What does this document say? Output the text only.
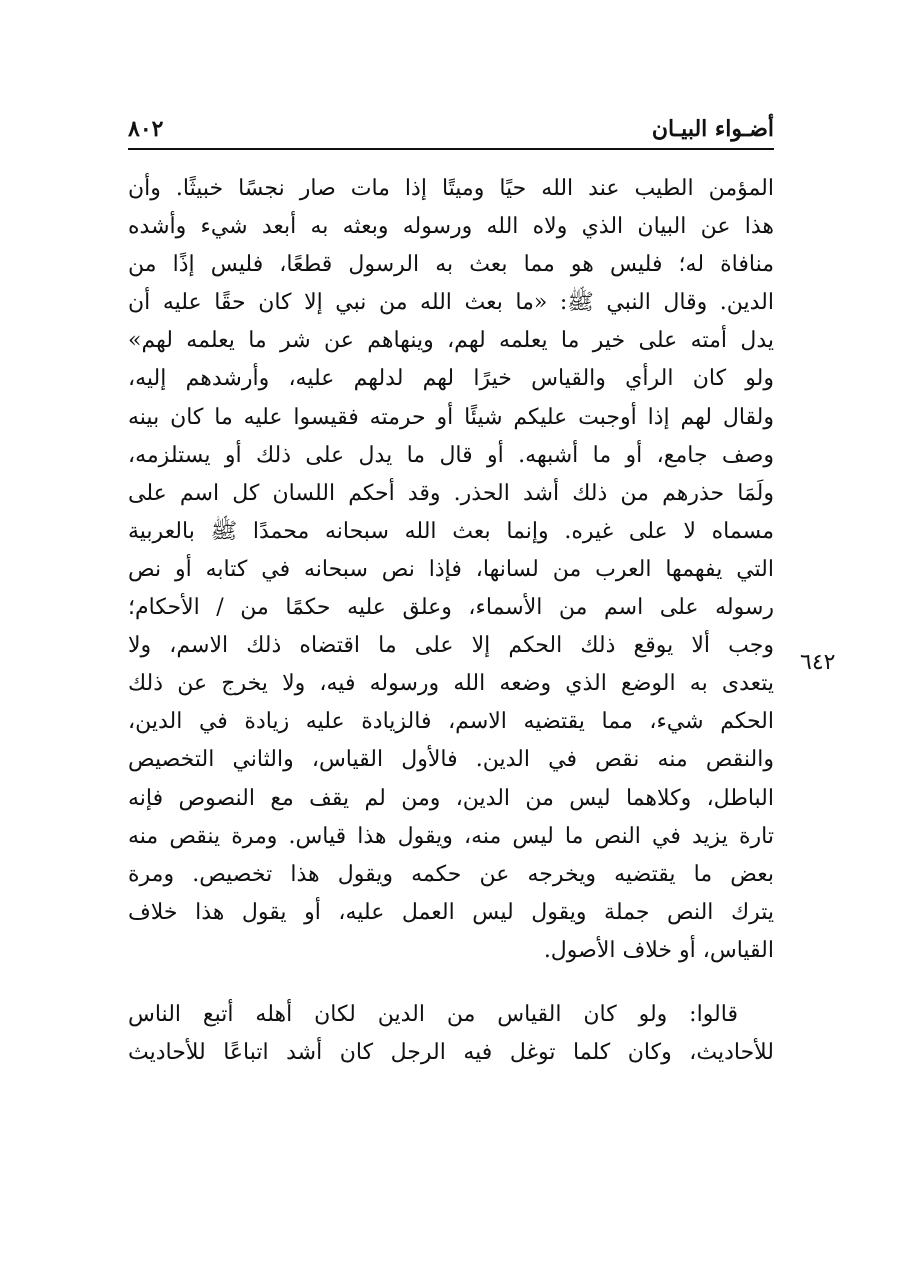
أضـواء البيـان
٨٠٢
٦٤٢
المؤمن الطيب عند الله حيًا وميتًا إذا مات صار نجسًا خبيثًا. وأن
هذا عن البيان الذي ولاه الله ورسوله وبعثه به أبعد شيء وأشده
منافاة له؛ فليس هو مما بعث به الرسول قطعًا، فليس إذًا من
الدين. وقال النبي ﷺ: «ما بعث الله من نبي إلا كان حقًا عليه أن
يدل أمته على خير ما يعلمه لهم، وينهاهم عن شر ما يعلمه لهم»
ولو كان الرأي والقياس خيرًا لهم لدلهم عليه، وأرشدهم إليه،
ولقال لهم إذا أوجبت عليكم شيئًا أو حرمته فقيسوا عليه ما كان بينه
وصف جامع، أو ما أشبهه. أو قال ما يدل على ذلك أو يستلزمه،
ولَمَا حذرهم من ذلك أشد الحذر. وقد أحكم اللسان كل اسم على
مسماه لا على غيره. وإنما بعث الله سبحانه محمدًا ﷺ بالعربية
التي يفهمها العرب من لسانها، فإذا نص سبحانه في كتابه أو نص
رسوله على اسم من الأسماء، وعلق عليه حكمًا من / الأحكام؛
وجب ألا يوقع ذلك الحكم إلا على ما اقتضاه ذلك الاسم، ولا
يتعدى به الوضع الذي وضعه الله ورسوله فيه، ولا يخرج عن ذلك
الحكم شيء، مما يقتضيه الاسم، فالزيادة عليه زيادة في الدين،
والنقص منه نقص في الدين. فالأول القياس، والثاني التخصيص
الباطل، وكلاهما ليس من الدين، ومن لم يقف مع النصوص فإنه
تارة يزيد في النص ما ليس منه، ويقول هذا قياس. ومرة ينقص منه
بعض ما يقتضيه ويخرجه عن حكمه ويقول هذا تخصيص. ومرة
يترك النص جملة ويقول ليس العمل عليه، أو يقول هذا خلاف
القياس، أو خلاف الأصول.
قالوا: ولو كان القياس من الدين لكان أهله أتبع الناس
للأحاديث، وكان كلما توغل فيه الرجل كان أشد اتباعًا للأحاديث
